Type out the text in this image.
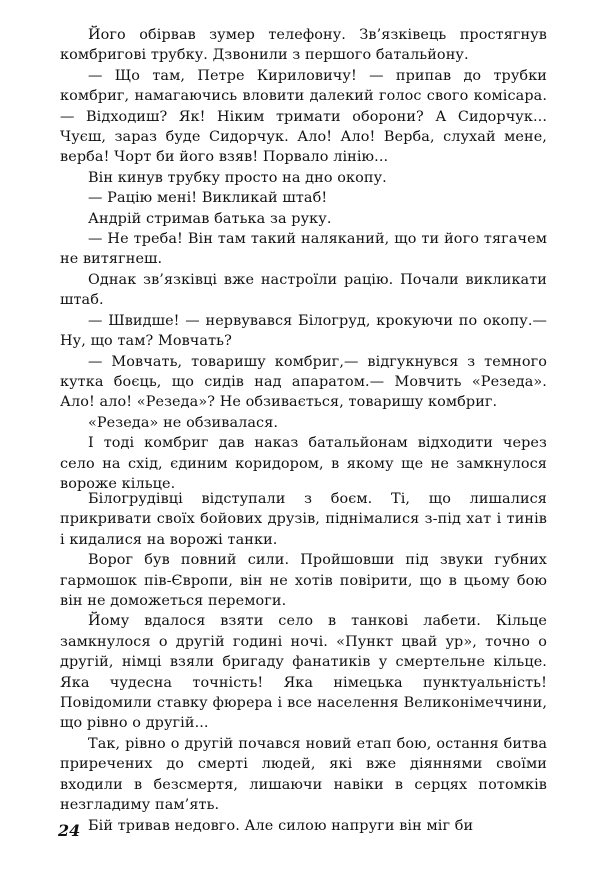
Його обірвав зумер телефону. Зв’язківець простягнув комбригові трубку. Дзвонили з першого батальйону.

— Що там, Петре Кириловичу! — припав до трубки комбриг, намагаючись вловити далекий голос свого комісара.— Відходиш? Як! Ніким тримати оборони? А Сидорчук... Чуєш, зараз буде Сидорчук. Ало! Ало! Верба, слухай мене, верба! Чорт би його взяв! Порвало лінію...

Він кинув трубку просто на дно окопу.

— Рацію мені! Викликай штаб!

Андрій стримав батька за руку.

— Не треба! Він там такий наляканий, що ти його тягачем не витягнеш.

Однак зв’язківці вже настроїли рацію. Почали викликати штаб.

— Швидше! — нервувався Білогруд, крокуючи по окопу.— Ну, що там? Мовчать?

— Мовчать, товаришу комбриг,— відгукнувся з темного кутка боєць, що сидів над апаратом.— Мовчить «Резеда». Ало! ало! «Резеда»? Не обзивається, товаришу комбриг.

«Резеда» не обзивалася.

І тоді комбриг дав наказ батальйонам відходити через село на схід, єдиним коридором, в якому ще не замкнулося вороже кільце.

Білогрудівці відступали з боєм. Ті, що лишалися прикривати своїх бойових друзів, піднімалися з-під хат і тинів і кидалися на ворожі танки.

Ворог був повний сили. Пройшовши під звуки губних гармошок пів-Європи, він не хотів повірити, що в цьому бою він не доможеться перемоги.

Йому вдалося взяти село в танкові лабети. Кільце замкнулося о другій годині ночі. «Пункт цвай ур», точно о другій, німці взяли бригаду фанатиків у смертельне кільце. Яка чудесна точність! Яка німецька пунктуальність! Повідомили ставку фюрера і все населення Великонімеччини, що рівно о другій...

Так, рівно о другій почався новий етап бою, остання битва приречених до смерті людей, які вже діяннями своїми входили в безсмертя, лишаючи навіки в серцях потомків незгладиму пам’ять.

Бій тривав недовго. Але силою напруги він міг би

24
